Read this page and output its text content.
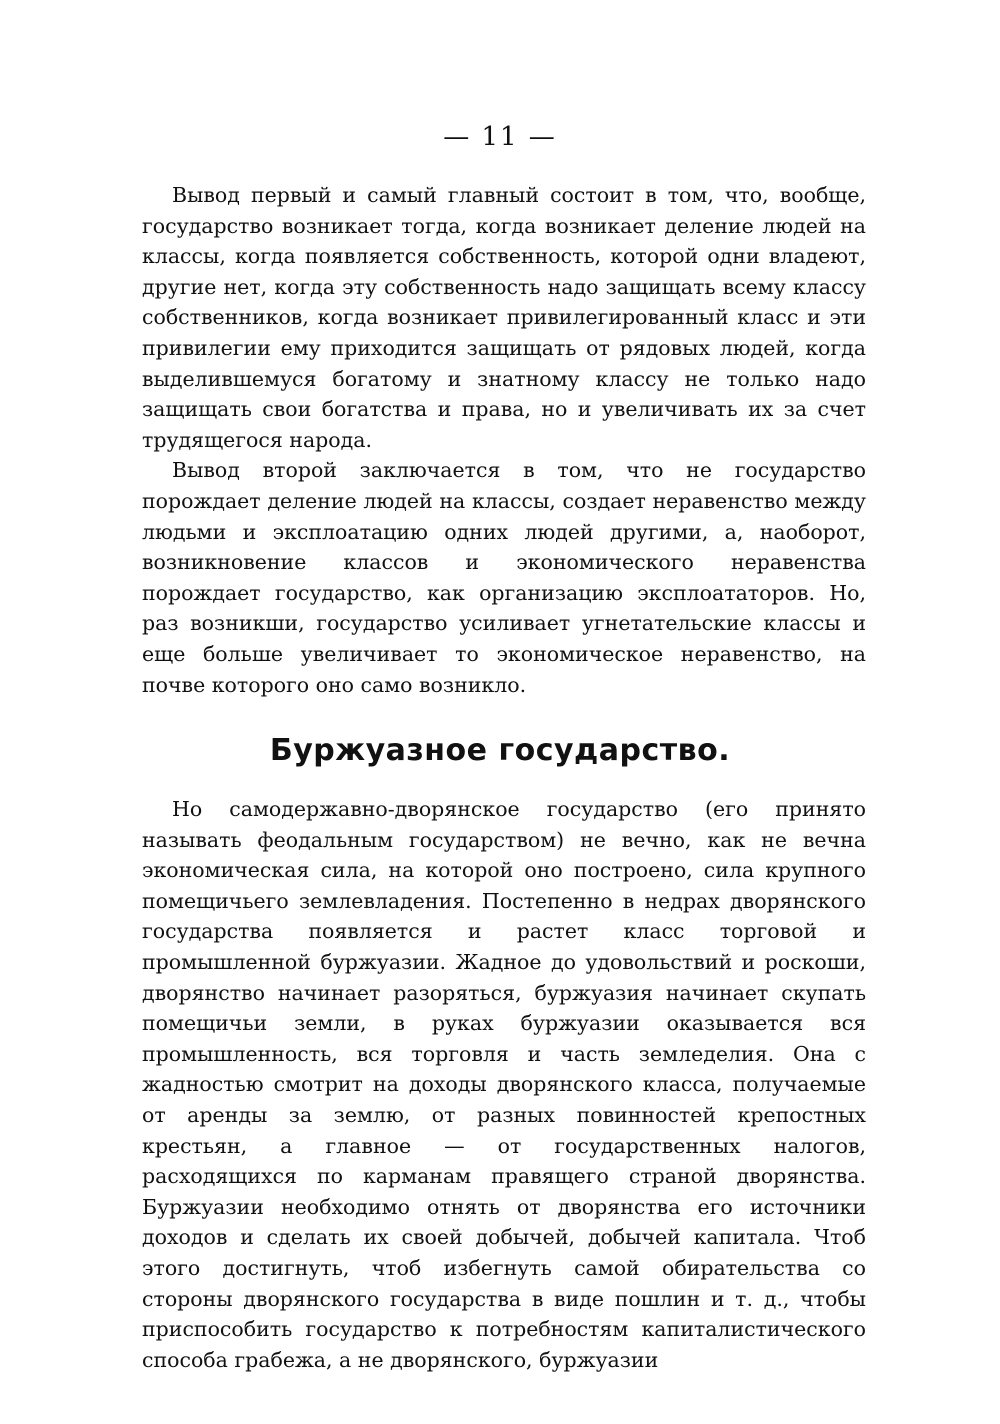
— 11 —

Вывод первый и самый главный состоит в том, что, вообще, государство возникает тогда, когда возникает деление людей на классы, когда появляется собственность, которой одни владеют, другие нет, когда эту собственность надо защищать всему классу собственников, когда возникает привилегированный класс и эти привилегии ему приходится защищать от рядовых людей, когда выделившемуся богатому и знатному классу не только надо защищать свои богатства и права, но и увеличивать их за счет трудящегося народа.

Вывод второй заключается в том, что не государство порождает деление людей на классы, создает неравенство между людьми и эксплоатацию одних людей другими, а, наоборот, возникновение классов и экономического неравенства порождает государство, как организацию эксплоататоров. Но, раз возникши, государство усиливает угнетательские классы и еще больше увеличивает то экономическое неравенство, на почве которого оно само возникло.

Буржуазное государство.

Но самодержавно-дворянское государство (его принято называть феодальным государством) не вечно, как не вечна экономическая сила, на которой оно построено, сила крупного помещичьего землевладения. Постепенно в недрах дворянского государства появляется и растет класс торговой и промышленной буржуазии. Жадное до удовольствий и роскоши, дворянство начинает разоряться, буржуазия начинает скупать помещичьи земли, в руках буржуазии оказывается вся промышленность, вся торговля и часть земледелия. Она с жадностью смотрит на доходы дворянского класса, получаемые от аренды за землю, от разных повинностей крепостных крестьян, а главное — от государственных налогов, расходящихся по карманам правящего страной дворянства. Буржуазии необходимо отнять от дворянства его источники доходов и сделать их своей добычей, добычей капитала. Чтоб этого достигнуть, чтоб избегнуть самой обирательства со стороны дворянского государства в виде пошлин и т. д., чтобы приспособить государство к потребностям капиталистического способа грабежа, а не дворянского, буржуазии
